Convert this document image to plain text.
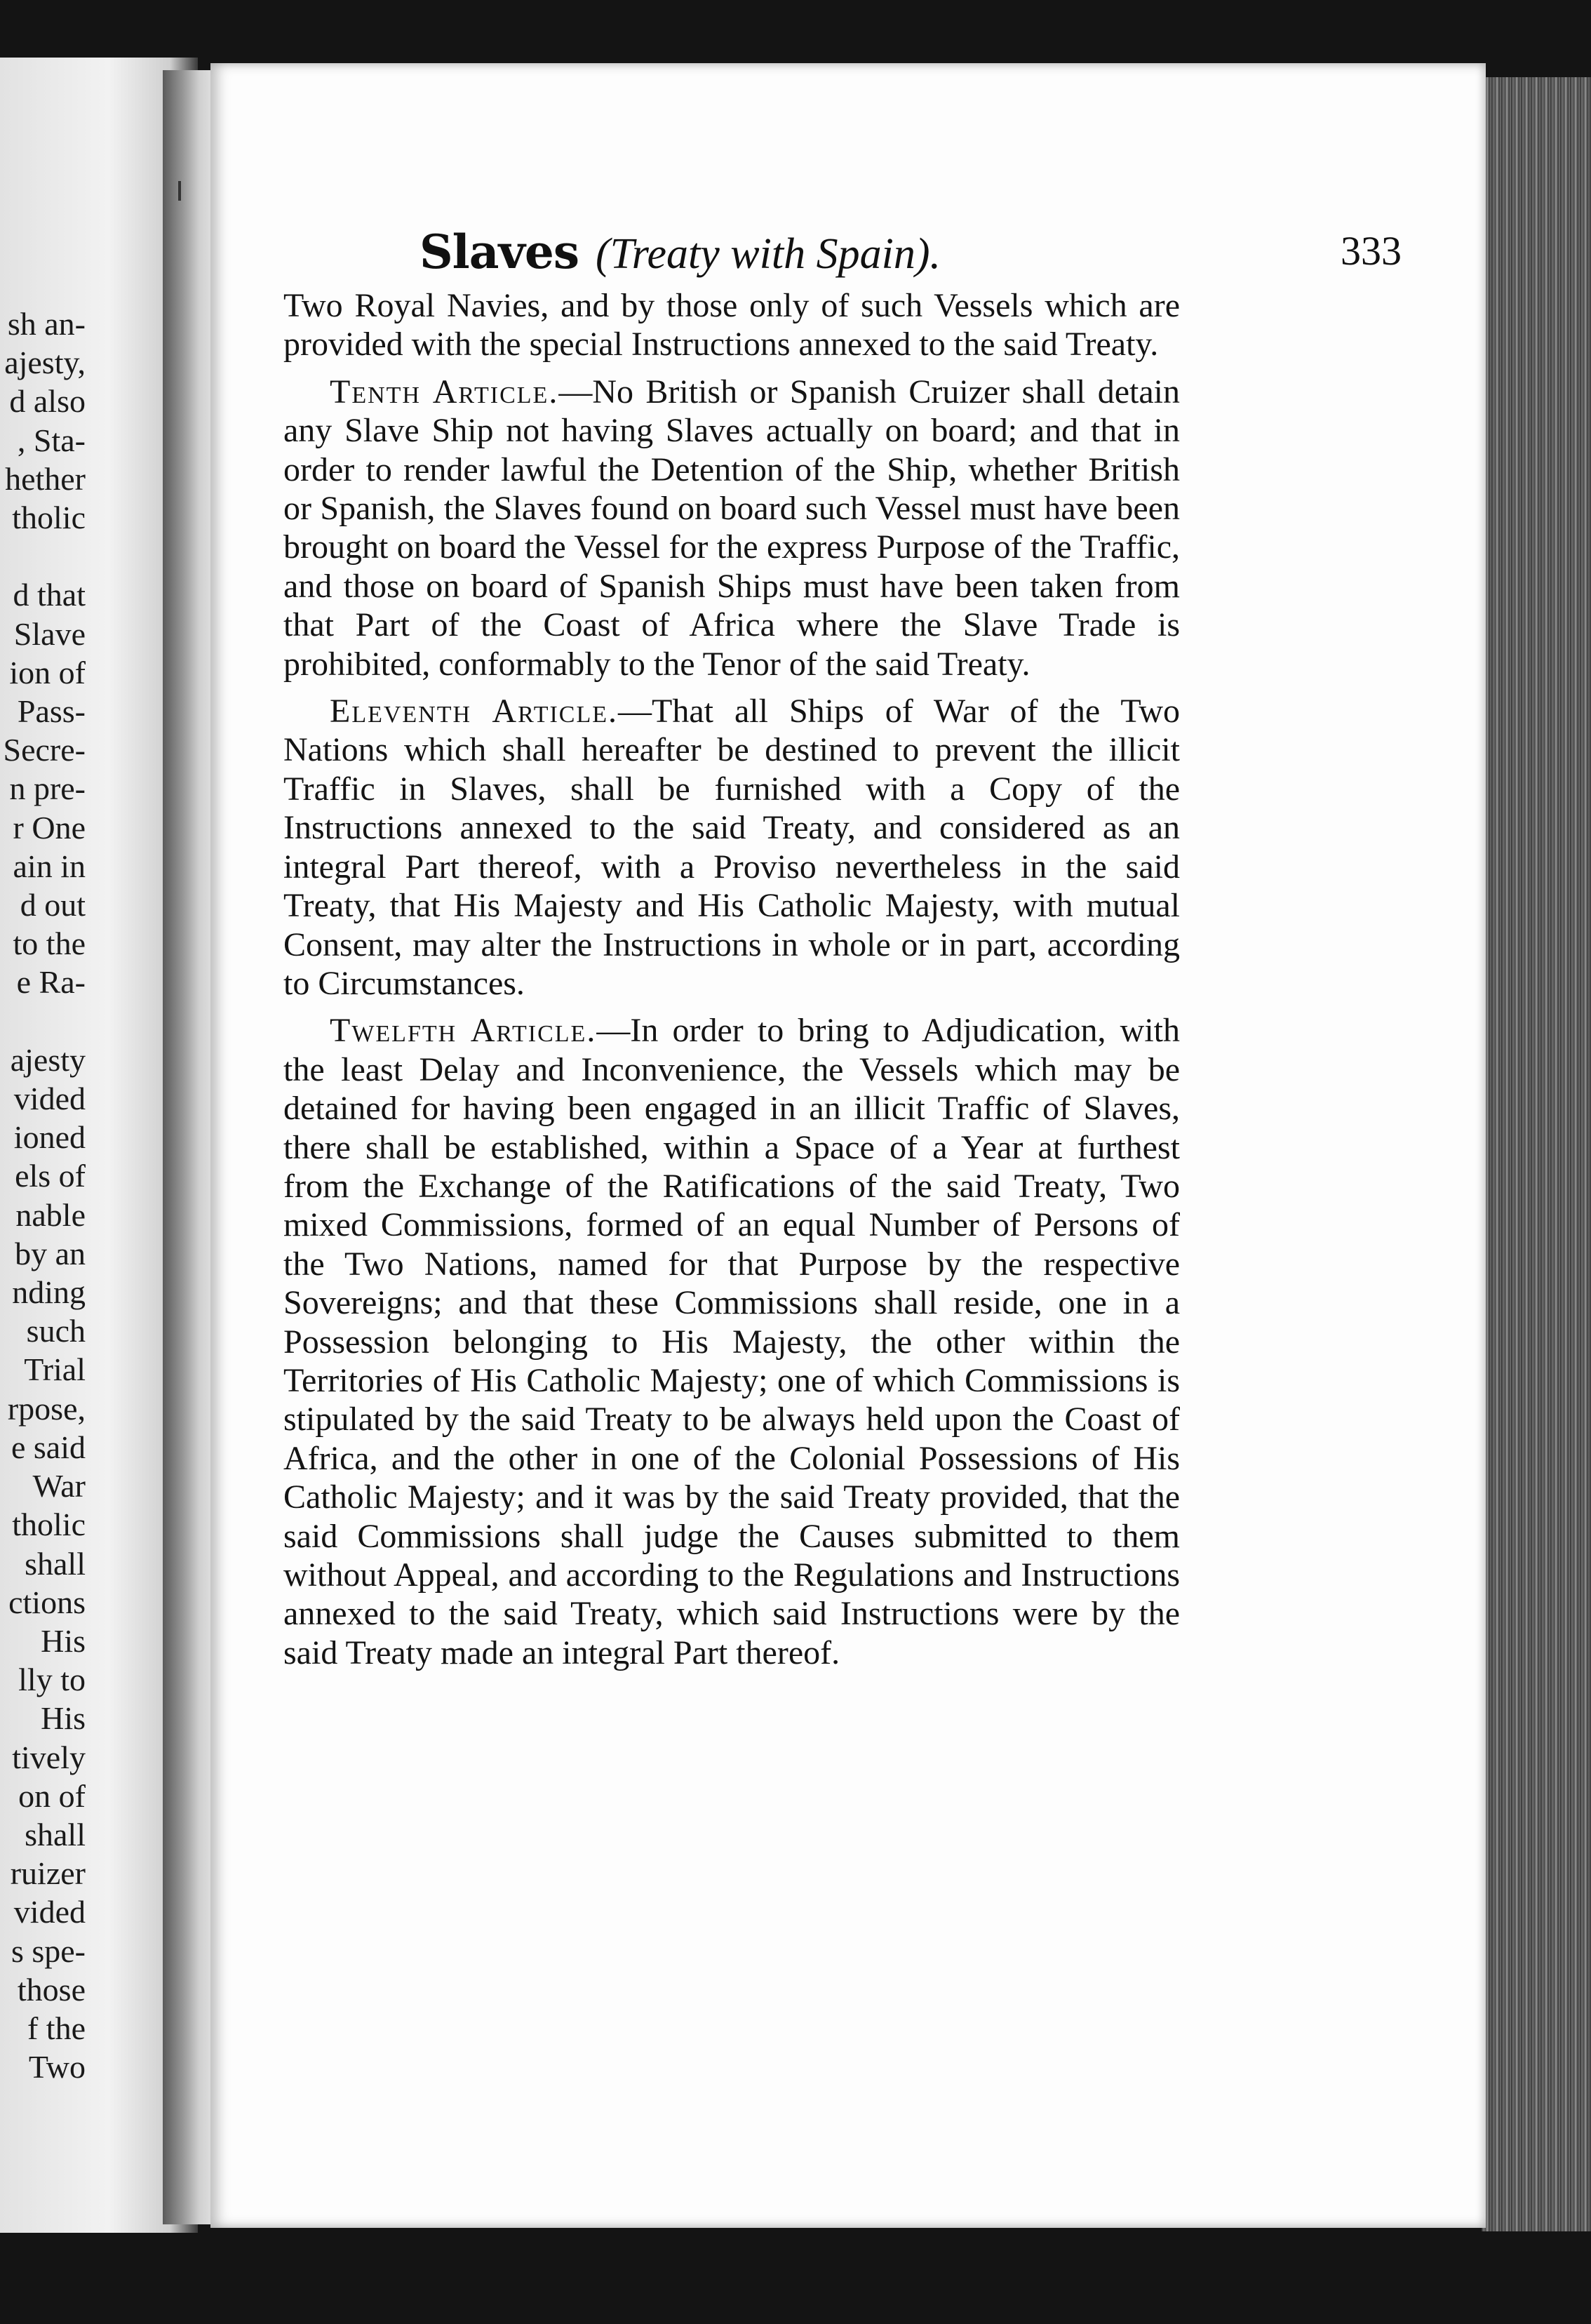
sh an-
ajesty,
d also
, Sta-
hether
tholic

d that
Slave
ion of
Pass-
Secre-
n pre-
r One
ain in
d out
to the
e Ra-

ajesty
vided
ioned
els of
nable
by an
nding
such
Trial
rpose,
e said
War
tholic
shall
ctions
His
lly to
His
tively
on of
shall
ruizer
vided
s spe-
those
f the
Two
Slaves (Treaty with Spain).	333

Two Royal Navies, and by those only of such Vessels which are provided with the special Instructions annexed to the said Treaty.

Tenth Article.—No British or Spanish Cruizer shall detain any Slave Ship not having Slaves actually on board; and that in order to render lawful the Detention of the Ship, whether British or Spanish, the Slaves found on board such Vessel must have been brought on board the Vessel for the express Purpose of the Traffic, and those on board of Spanish Ships must have been taken from that Part of the Coast of Africa where the Slave Trade is prohibited, conformably to the Tenor of the said Treaty.

Eleventh Article.—That all Ships of War of the Two Nations which shall hereafter be destined to prevent the illicit Traffic in Slaves, shall be furnished with a Copy of the Instructions annexed to the said Treaty, and considered as an integral Part thereof, with a Proviso nevertheless in the said Treaty, that His Majesty and His Catholic Majesty, with mutual Consent, may alter the Instructions in whole or in part, according to Circumstances.

Twelfth Article.—In order to bring to Adjudication, with the least Delay and Inconvenience, the Vessels which may be detained for having been engaged in an illicit Traffic of Slaves, there shall be established, within a Space of a Year at furthest from the Exchange of the Ratifications of the said Treaty, Two mixed Commissions, formed of an equal Number of Persons of the Two Nations, named for that Purpose by the respective Sovereigns; and that these Commissions shall reside, one in a Possession belonging to His Majesty, the other within the Territories of His Catholic Majesty; one of which Commissions is stipulated by the said Treaty to be always held upon the Coast of Africa, and the other in one of the Colonial Possessions of His Catholic Majesty; and it was by the said Treaty provided, that the said Commissions shall judge the Causes submitted to them without Appeal, and according to the Regulations and Instructions annexed to the said Treaty, which said Instructions were by the said Treaty made an integral Part thereof.
